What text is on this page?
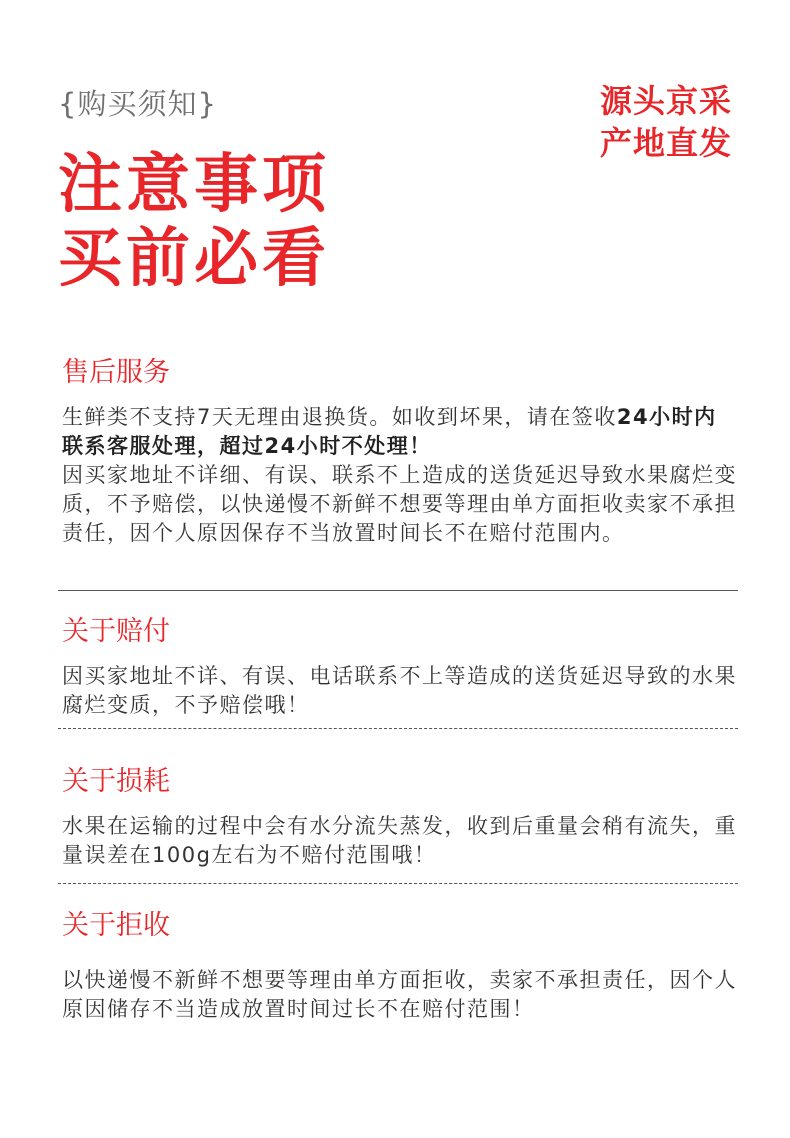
{购买须知}
注意事项
买前必看
源头京采
产地直发
售后服务

生鲜类不支持7天无理由退换货。如收到坏果，请在签收24小时内联系客服处理，超过24小时不处理！

因买家地址不详细、有误、联系不上造成的送货延迟导致水果腐烂变质，不予赔偿，以快递慢不新鲜不想要等理由单方面拒收卖家不承担责任，因个人原因保存不当放置时间长不在赔付范围内。

关于赔付
因买家地址不详、有误、电话联系不上等造成的送货延迟导致的水果腐烂变质，不予赔偿哦！
关于损耗
水果在运输的过程中会有水分流失蒸发，收到后重量会稍有流失，重量误差在100g左右为不赔付范围哦！
关于拒收
以快递慢不新鲜不想要等理由单方面拒收，卖家不承担责任，因个人原因储存不当造成放置时间过长不在赔付范围！
